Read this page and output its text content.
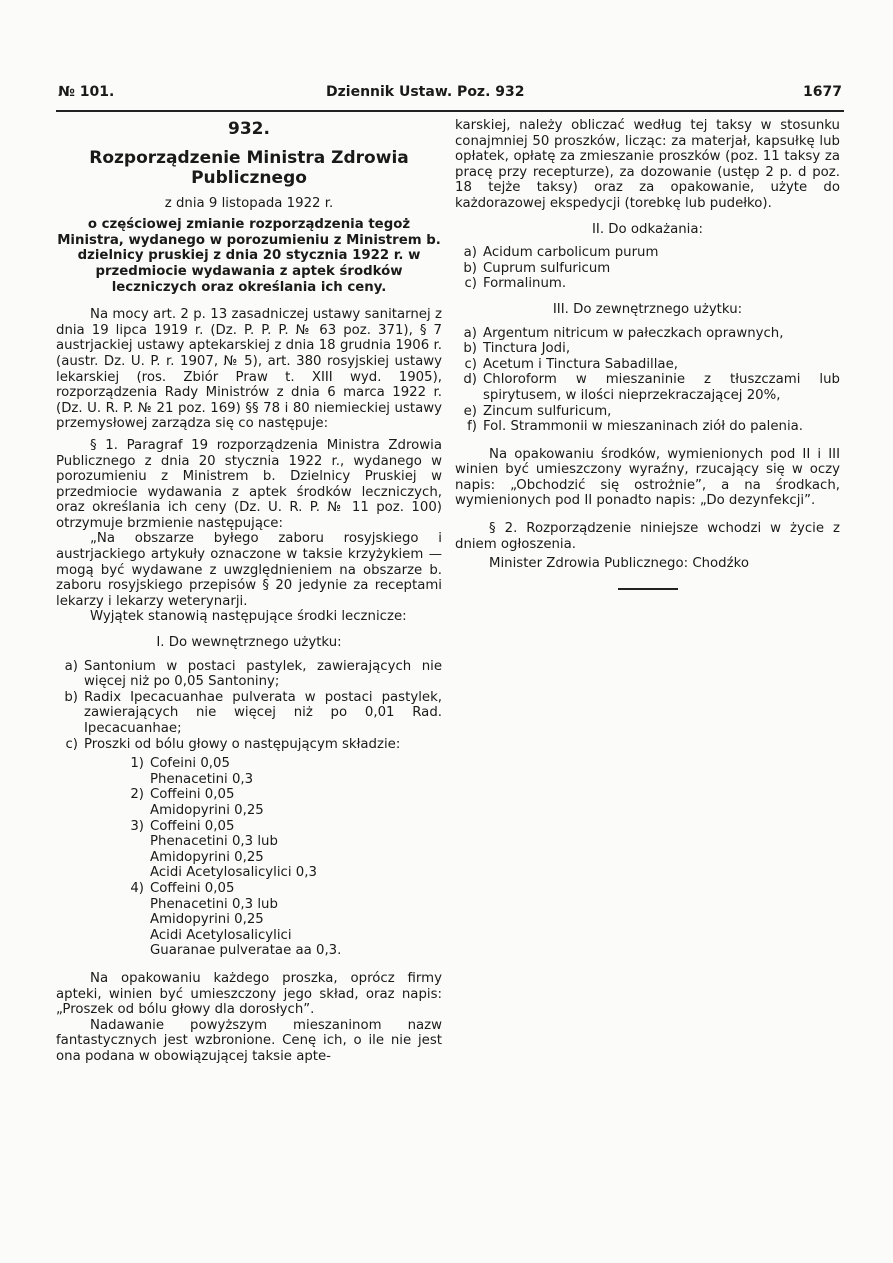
№ 101.	Dziennik Ustaw. Poz. 932	1677

932.

Rozporządzenie Ministra Zdrowia Publicznego

z dnia 9 listopada 1922 r.

o częściowej zmianie rozporządzenia tegoż Ministra, wydanego w porozumieniu z Ministrem b. dzielnicy pruskiej z dnia 20 stycznia 1922 r. w przedmiocie wydawania z aptek środków leczniczych oraz określania ich ceny.

Na mocy art. 2 p. 13 zasadniczej ustawy sanitarnej z dnia 19 lipca 1919 r. (Dz. P. P. P. № 63 poz. 371), § 7 austrjackiej ustawy aptekarskiej z dnia 18 grudnia 1906 r. (austr. Dz. U. P. r. 1907, № 5), art. 380 rosyjskiej ustawy lekarskiej (ros. Zbiór Praw t. XIII wyd. 1905), rozporządzenia Rady Ministrów z dnia 6 marca 1922 r. (Dz. U. R. P. № 21 poz. 169) §§ 78 i 80 niemieckiej ustawy przemysłowej zarządza się co następuje:

§ 1. Paragraf 19 rozporządzenia Ministra Zdrowia Publicznego z dnia 20 stycznia 1922 r., wydanego w porozumieniu z Ministrem b. Dzielnicy Pruskiej w przedmiocie wydawania z aptek środków leczniczych, oraz określania ich ceny (Dz. U. R. P. № 11 poz. 100) otrzymuje brzmienie następujące:

„Na obszarze byłego zaboru rosyjskiego i austrjackiego artykuły oznaczone w taksie krzyżykiem — mogą być wydawane z uwzględnieniem na obszarze b. zaboru rosyjskiego przepisów § 20 jedynie za receptami lekarzy i lekarzy weterynarji.

Wyjątek stanowią następujące środki lecznicze:

I. Do wewnętrznego użytku:

a) Santonium w postaci pastylek, zawierających nie więcej niż po 0,05 Santoniny;
b) Radix Ipecacuanhae pulverata w postaci pastylek, zawierających nie więcej niż po 0,01 Rad. Ipecacuanhae;
c) Proszki od bólu głowy o następującym składzie:
1) Cofeini 0,05
Phenacetini 0,3
2) Coffeini 0,05
Amidopyrini 0,25
3) Coffeini 0,05
Phenacetini 0,3 lub
Amidopyrini 0,25
Acidi Acetylosalicylici 0,3
4) Coffeini 0,05
Phenacetini 0,3 lub
Amidopyrini 0,25
Acidi Acetylosalicylici
Guaranae pulveratae aa 0,3.

Na opakowaniu każdego proszka, oprócz firmy apteki, winien być umieszczony jego skład, oraz napis: „Proszek od bólu głowy dla dorosłych”.

Nadawanie powyższym mieszaninom nazw fantastycznych jest wzbronione. Cenę ich, o ile nie jest ona podana w obowiązującej taksie apte-

karskiej, należy obliczać według tej taksy w stosunku conajmniej 50 proszków, licząc: za materjał, kapsułkę lub opłatek, opłatę za zmieszanie proszków (poz. 11 taksy za pracę przy recepturze), za dozowanie (ustęp 2 p. d poz. 18 tejże taksy) oraz za opakowanie, użyte do każdorazowej ekspedycji (torebkę lub pudełko).

II. Do odkażania:

a) Acidum carbolicum purum
b) Cuprum sulfuricum
c) Formalinum.

III. Do zewnętrznego użytku:

a) Argentum nitricum w pałeczkach oprawnych,
b) Tinctura Jodi,
c) Acetum i Tinctura Sabadillae,
d) Chloroform w mieszaninie z tłuszczami lub spirytusem, w ilości nieprzekraczającej 20%,
e) Zincum sulfuricum,
f) Fol. Strammonii w mieszaninach ziół do palenia.

Na opakowaniu środków, wymienionych pod II i III winien być umieszczony wyraźny, rzucający się w oczy napis: „Obchodzić się ostrożnie”, a na środkach, wymienionych pod II ponadto napis: „Do dezynfekcji”.

§ 2. Rozporządzenie niniejsze wchodzi w życie z dniem ogłoszenia.

Minister Zdrowia Publicznego: Chodźko
